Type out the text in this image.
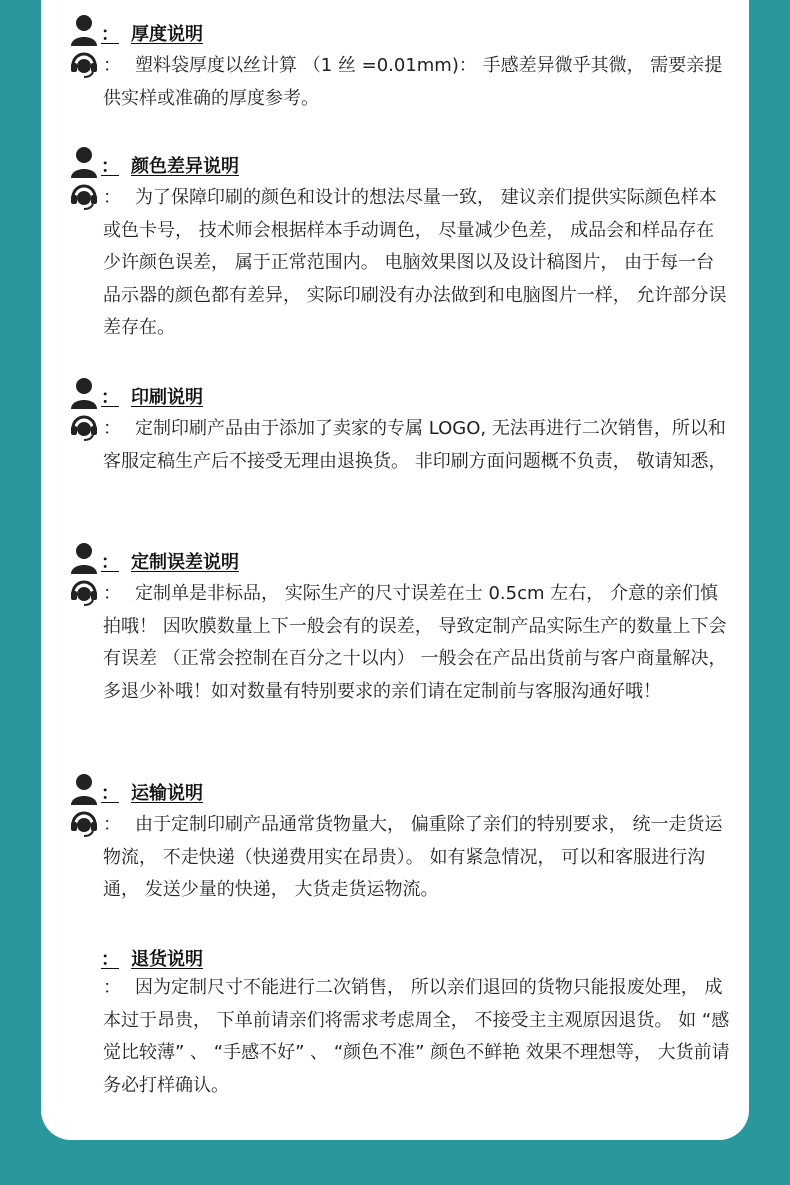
： 厚度说明
： 塑料袋厚度以丝计算 （1 丝 =0.01mm)： 手感差异微乎其微， 需要亲提供实样或准确的厚度参考。
： 颜色差异说明
： 为了保障印刷的颜色和设计的想法尽量一致， 建议亲们提供实际颜色样本或色卡号， 技术师会根据样本手动调色， 尽量减少色差， 成品会和样品存在少许颜色误差， 属于正常范围内。 电脑效果图以及设计稿图片， 由于每一台品示器的颜色都有差异， 实际印刷没有办法做到和电脑图片一样， 允许部分误差存在。
： 印刷说明
： 定制印刷产品由于添加了卖家的专属 LOGO, 无法再进行二次销售，所以和客服定稿生产后不接受无理由退换货。 非印刷方面问题概不负责， 敬请知悉，
： 定制误差说明
： 定制单是非标品， 实际生产的尺寸误差在士 0.5cm 左右， 介意的亲们慎拍哦！ 因吹膜数量上下一般会有的误差， 导致定制产品实际生产的数量上下会有误差 （正常会控制在百分之十以内） 一般会在产品出货前与客户商量解决， 多退少补哦！如对数量有特别要求的亲们请在定制前与客服沟通好哦！
： 运输说明
： 由于定制印刷产品通常货物量大， 偏重除了亲们的特别要求， 统一走货运物流， 不走快递（快递费用实在昂贵）。 如有紧急情况， 可以和客服进行沟通， 发送少量的快递， 大货走货运物流。
： 退货说明
： 因为定制尺寸不能进行二次销售， 所以亲们退回的货物只能报废处理， 成本过于昂贵， 下单前请亲们将需求考虑周全， 不接受主主观原因退货。 如 “感觉比较薄” 、 “手感不好” 、 “颜色不准” 颜色不鲜艳 效果不理想等， 大货前请务必打样确认。
